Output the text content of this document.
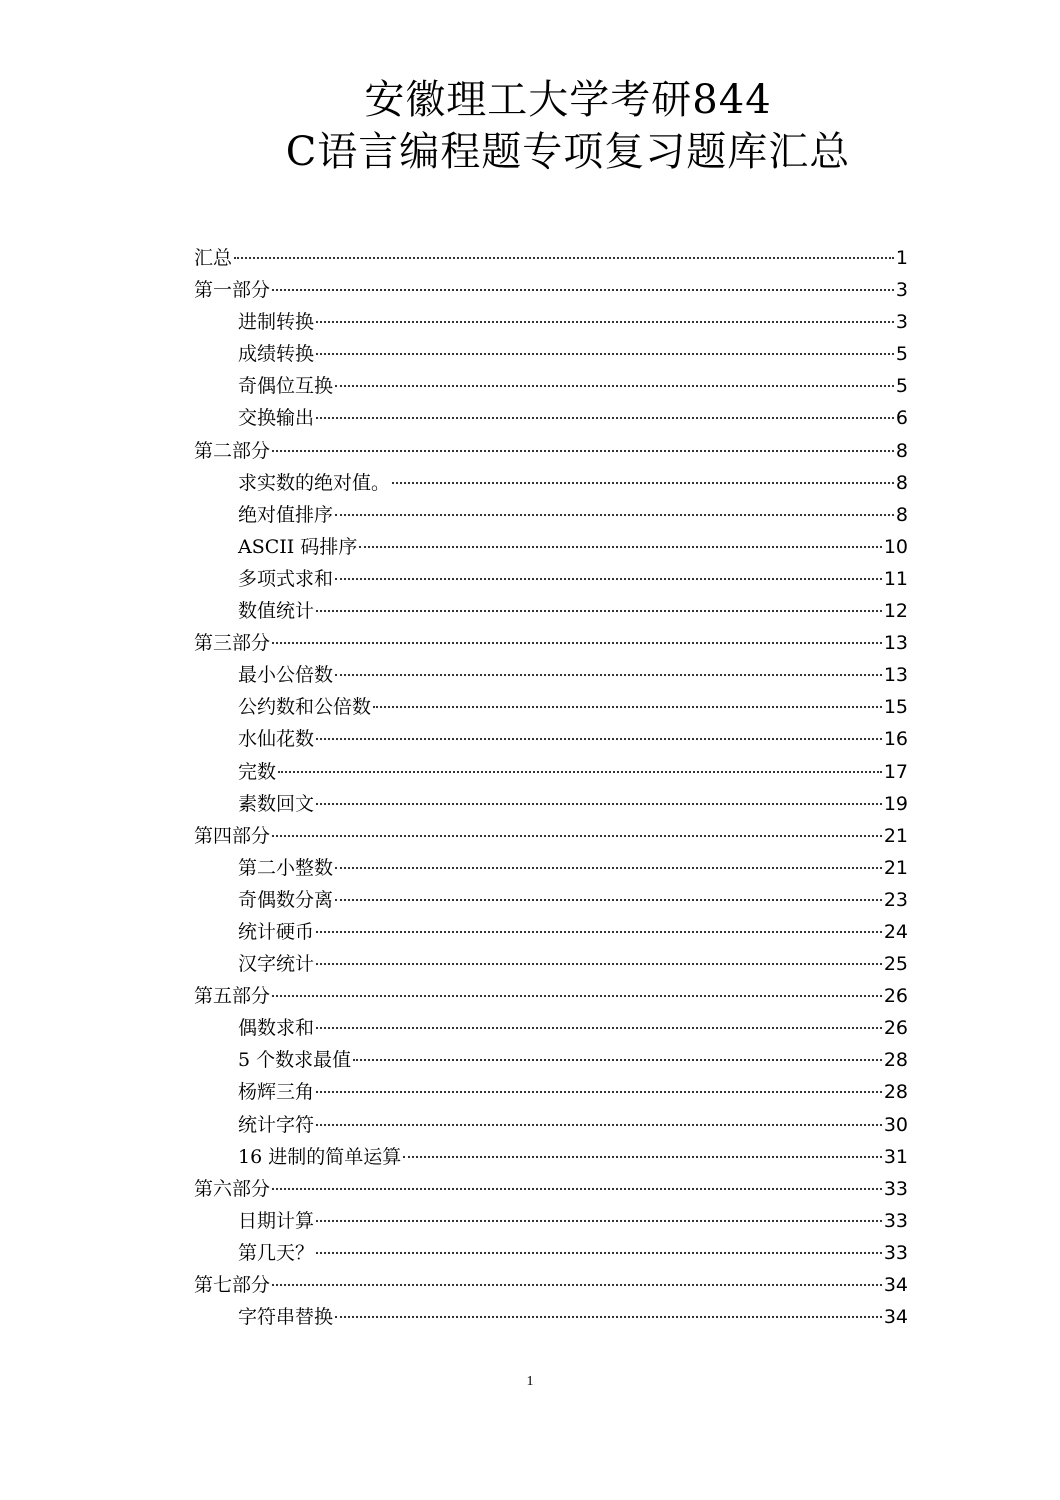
安徽理工大学考研844
C语言编程题专项复习题库汇总
汇总	1
第一部分	3
进制转换	3
成绩转换	5
奇偶位互换	5
交换输出	6
第二部分	8
求实数的绝对值。	8
绝对值排序	8
ASCII 码排序	10
多项式求和	11
数值统计	12
第三部分	13
最小公倍数	13
公约数和公倍数	15
水仙花数	16
完数	17
素数回文	19
第四部分	21
第二小整数	21
奇偶数分离	23
统计硬币	24
汉字统计	25
第五部分	26
偶数求和	26
5 个数求最值	28
杨辉三角	28
统计字符	30
16 进制的简单运算	31
第六部分	33
日期计算	33
第几天？	33
第七部分	34
字符串替换	34
1
